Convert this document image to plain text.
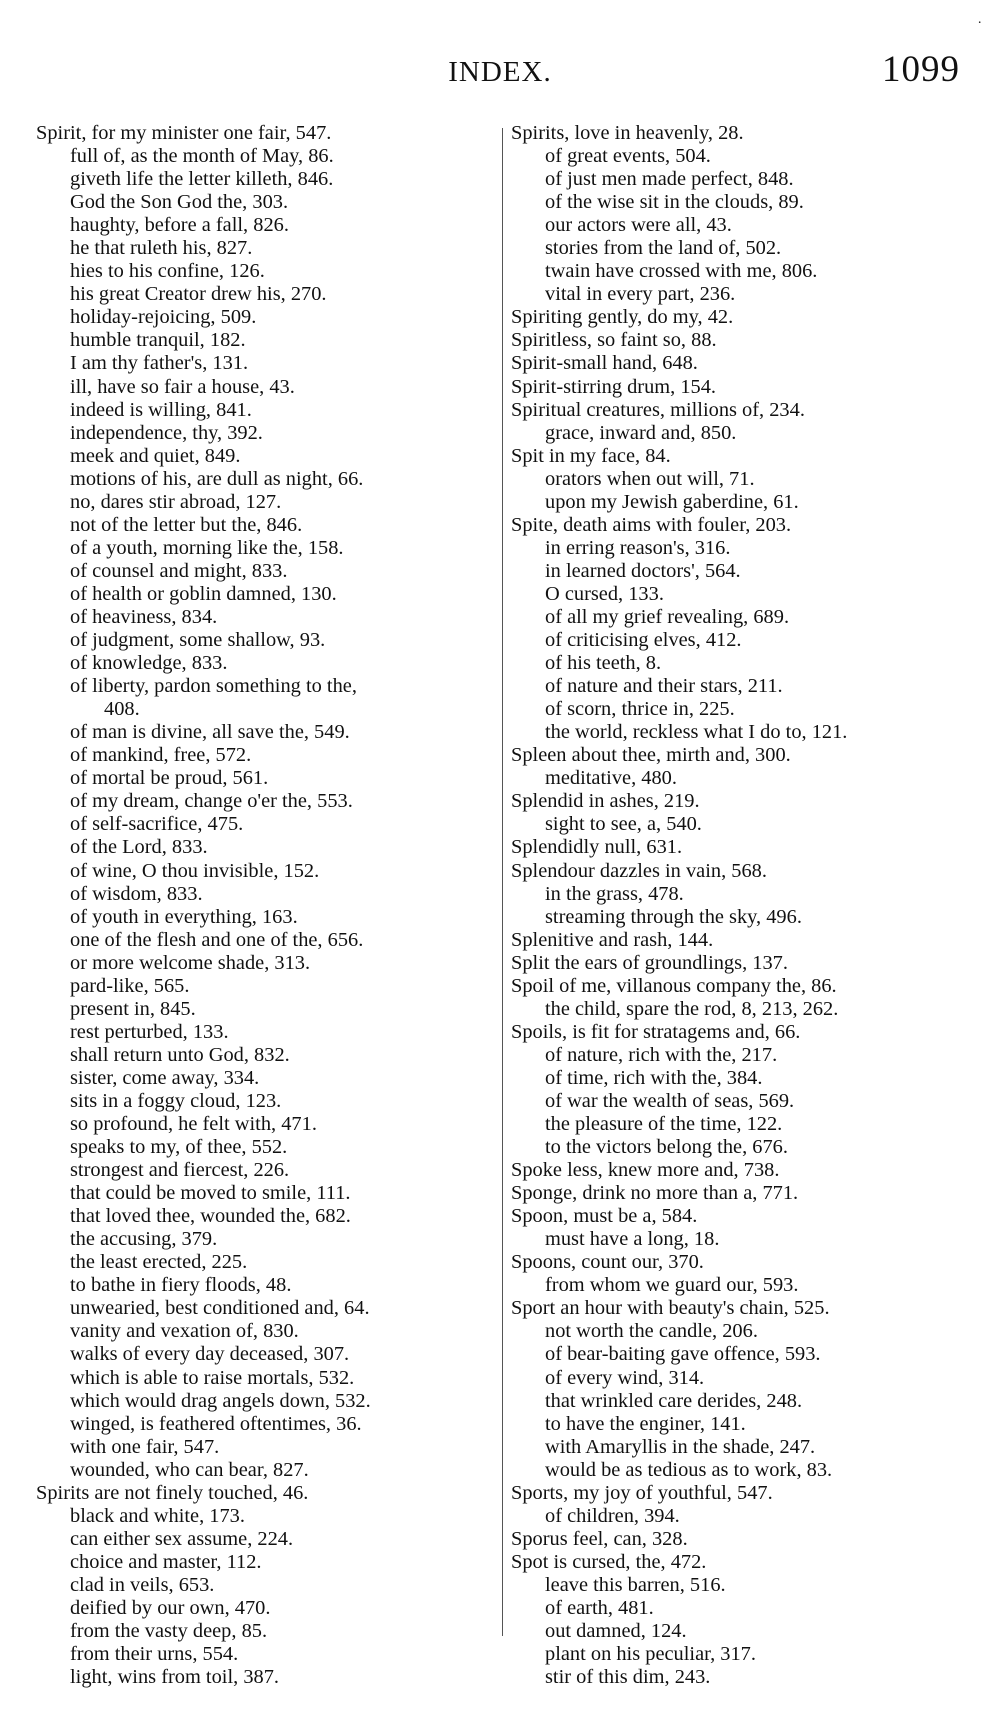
·
INDEX.	1099
Spirit, for my minister one fair, 547.
full of, as the month of May, 86.
giveth life the letter killeth, 846.
God the Son God the, 303.
haughty, before a fall, 826.
he that ruleth his, 827.
hies to his confine, 126.
his great Creator drew his, 270.
holiday-rejoicing, 509.
humble tranquil, 182.
I am thy father's, 131.
ill, have so fair a house, 43.
indeed is willing, 841.
independence, thy, 392.
meek and quiet, 849.
motions of his, are dull as night, 66.
no, dares stir abroad, 127.
not of the letter but the, 846.
of a youth, morning like the, 158.
of counsel and might, 833.
of health or goblin damned, 130.
of heaviness, 834.
of judgment, some shallow, 93.
of knowledge, 833.
of liberty, pardon something to the,
408.
of man is divine, all save the, 549.
of mankind, free, 572.
of mortal be proud, 561.
of my dream, change o'er the, 553.
of self-sacrifice, 475.
of the Lord, 833.
of wine, O thou invisible, 152.
of wisdom, 833.
of youth in everything, 163.
one of the flesh and one of the, 656.
or more welcome shade, 313.
pard-like, 565.
present in, 845.
rest perturbed, 133.
shall return unto God, 832.
sister, come away, 334.
sits in a foggy cloud, 123.
so profound, he felt with, 471.
speaks to my, of thee, 552.
strongest and fiercest, 226.
that could be moved to smile, 111.
that loved thee, wounded the, 682.
the accusing, 379.
the least erected, 225.
to bathe in fiery floods, 48.
unwearied, best conditioned and, 64.
vanity and vexation of, 830.
walks of every day deceased, 307.
which is able to raise mortals, 532.
which would drag angels down, 532.
winged, is feathered oftentimes, 36.
with one fair, 547.
wounded, who can bear, 827.
Spirits are not finely touched, 46.
black and white, 173.
can either sex assume, 224.
choice and master, 112.
clad in veils, 653.
deified by our own, 470.
from the vasty deep, 85.
from their urns, 554.
light, wins from toil, 387.
Spirits, love in heavenly, 28.
of great events, 504.
of just men made perfect, 848.
of the wise sit in the clouds, 89.
our actors were all, 43.
stories from the land of, 502.
twain have crossed with me, 806.
vital in every part, 236.
Spiriting gently, do my, 42.
Spiritless, so faint so, 88.
Spirit-small hand, 648.
Spirit-stirring drum, 154.
Spiritual creatures, millions of, 234.
grace, inward and, 850.
Spit in my face, 84.
orators when out will, 71.
upon my Jewish gaberdine, 61.
Spite, death aims with fouler, 203.
in erring reason's, 316.
in learned doctors', 564.
O cursed, 133.
of all my grief revealing, 689.
of criticising elves, 412.
of his teeth, 8.
of nature and their stars, 211.
of scorn, thrice in, 225.
the world, reckless what I do to, 121.
Spleen about thee, mirth and, 300.
meditative, 480.
Splendid in ashes, 219.
sight to see, a, 540.
Splendidly null, 631.
Splendour dazzles in vain, 568.
in the grass, 478.
streaming through the sky, 496.
Splenitive and rash, 144.
Split the ears of groundlings, 137.
Spoil of me, villanous company the, 86.
the child, spare the rod, 8, 213, 262.
Spoils, is fit for stratagems and, 66.
of nature, rich with the, 217.
of time, rich with the, 384.
of war the wealth of seas, 569.
the pleasure of the time, 122.
to the victors belong the, 676.
Spoke less, knew more and, 738.
Sponge, drink no more than a, 771.
Spoon, must be a, 584.
must have a long, 18.
Spoons, count our, 370.
from whom we guard our, 593.
Sport an hour with beauty's chain, 525.
not worth the candle, 206.
of bear-baiting gave offence, 593.
of every wind, 314.
that wrinkled care derides, 248.
to have the enginer, 141.
with Amaryllis in the shade, 247.
would be as tedious as to work, 83.
Sports, my joy of youthful, 547.
of children, 394.
Sporus feel, can, 328.
Spot is cursed, the, 472.
leave this barren, 516.
of earth, 481.
out damned, 124.
plant on his peculiar, 317.
stir of this dim, 243.
